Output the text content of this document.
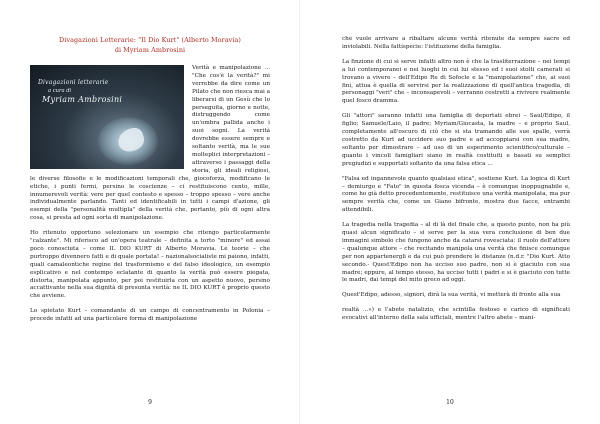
Divagazioni Letterarie: "Il Dio Kurt" (Alberto Moravia)
di Myriam Ambrosini
Divagazioni letterarie
a cura di
Myriam Ambrosini

Verità e manipolazione ... "Che cos'è la verità?" mi verrebbe da dire come un Pilato che non riesca mai a liberarsi di un Gesù che lo perseguita, giorno e notte, distruggendo come un'ombra pallida anche i suoi sogni. La verità dovrebbe essere sempre e soltanto verità, ma le sue molteplici interpretazioni – attraverso i passaggi della storia, gli ideali religiosi, le diverse filosofie e le modificazioni temporali che, giocoforza, modificano le etiche, i punti fermi, persino le coscienze – ci restituiscono cento, mille, innumerevoli verità: vere per quel contesto e spesso – troppo spesso – vere anche individualmente parlando. Tanti ed identificabili in tutti i campi d'azione, gli esempi della "personalità multipla" della verità che, pertanto, più di ogni altra cosa, si presta ad ogni sorta di manipolazione.

Ho ritenuto opportuno selezionare un esempio che ritengo particolarmente "calzante". Mi riferisco ad un'opera teatrale – definita a torto "minore" ed assai poco conosciuta – come IL DIO KURT di Alberto Moravia. Le teorie – che purtroppo divennero fatti e di quale portata! – nazionalsocialiste mi paiono, infatti, quali camaleontiche regine del trasformismo e del falso ideologico, un esempio esplicativo e nel contempo eclatante di quanto la verità può essere piegata, distorta, manipolata appunto, per poi restituirla con un aspetto nuovo, persino accattivante nella sua dignità di presunta verità: ne IL DIO KURT è proprio questo che avviene.

Lo spietato Kurt – comandante di un campo di concentramento in Polonia – procede infatti ad una particolare forma di manipolazione

9

che vuole arrivare a ribaltare alcune verità ritenute da sempre sacre ed inviolabili. Nella fattispecie: l'istituzione della famiglia.

La finzione di cui si serve infatti altro non è che la trasliterrazione – nei tempi a lui contemporanei e nei luoghi in cui lui stesso ed i suoi stolti camerati si trovano a vivere – dell'Edipo Re di Sofocle e la "manipolazione" che, ai suoi fini, attua è quella di servirsi per la realizzazione di quell'antica tragedia, di personaggi "veri" che – inconsapevoli – verranno costretti a rivivere realmente quel fosco dramma.

Gli "attori" saranno infatti una famiglia di deportati ebrei – Saul/Edipo, il figlio; Samuele/Laio, il padre; Myriam/Giocasta, la madre – e proprio Saul, completamente all'oscuro di ciò che si sta tramando alle sue spalle, verrà costretto da Kurt ad uccidere suo padre e ad accoppiarsi con sua madre, soltanto per dimostrare – ad uso di un esperimento scientifico/culturale – quanto i vincoli famigliari siano in realtà costituiti e basati su semplici pregiudizi e supportati soltanto da una falsa etica ...

"Falsa ed ingannevole quanto qualsiasi etica", sostiene Kurt. La logica di Kurt – demiurgo e "Fato" in questa fosca vicenda – è comunque inoppugnabile e, come ho già detto precedentemente, restituisce una verità manipolata, ma pur sempre verità che, come un Giano bifronte, mostra due facce, entrambi attendibili.

La tragedia nella tragedia – al di là del finale che, a questo punto, non ha più quasi alcun significato – si serve per la sua vera conclusione di ben due immagini simbolo che fungono anche da catarsi rovesciata: il ruolo dell'attore – qualunque attore – che recitando manipola una verità che finisce comunque per non appartenergli e da cui può prendere le distanze (n.d.r. "Dio Kurt. Atto secondo.- Quest'Edipo non ha ucciso suo padre, non si è giaciuto con sua madre; eppure, al tempo stesso, ha ucciso tutti i padri e si è giaciuto con tutte le madri, dai tempi del mito greco ad oggi.

Quest'Edipo, adesso, signori, dirà la sua verità, vi metterà di fronte alla sua

realtà ...») e l'abete natalizio, che scintilla festoso e carico di significati evocativi all'interno della sala ufficiali, mentre l'altro abete – mani-

10
